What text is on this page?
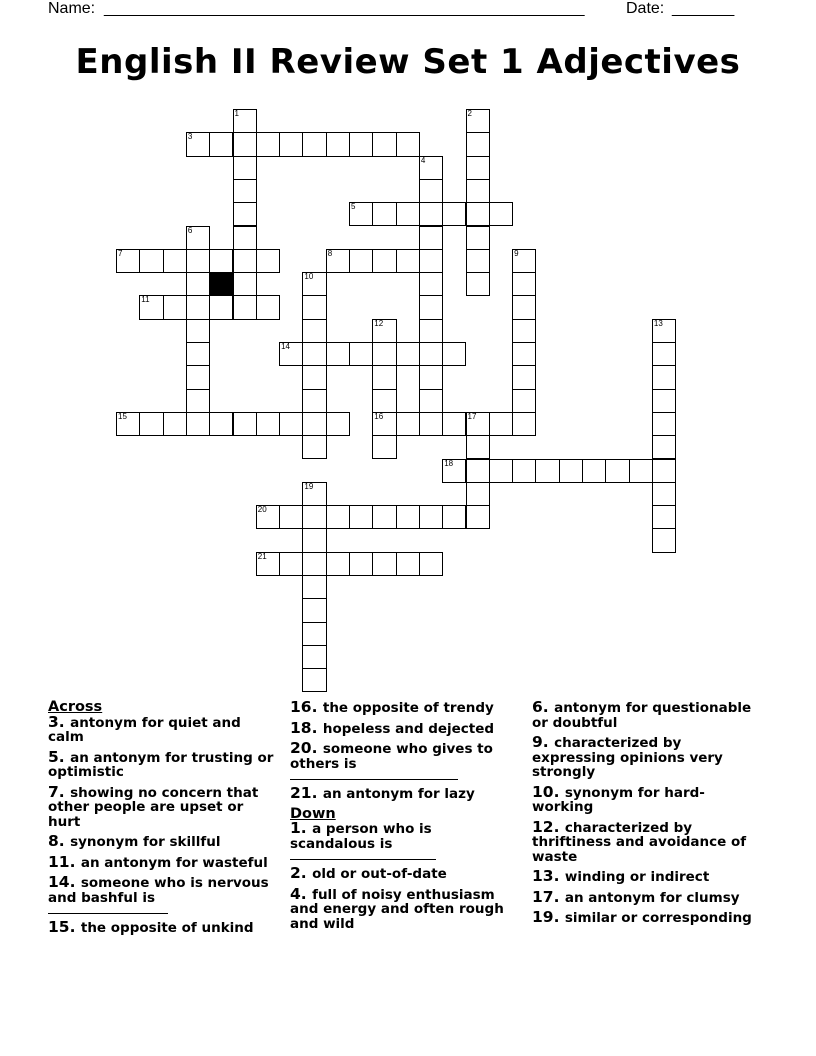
Name:

______________________________________________________

	Date:

_______

English II Review Set 1 Adjectives
1	2
3
4
5
6
7	8	9
10
11
12
16
13
14
15	17
18
19
20
21
Across
3. antonym for quiet and calm
5. an antonym for trusting or optimistic
7. showing no concern that other people are upset or hurt
8. synonym for skillful
11. an antonym for wasteful
14. someone who is nervous and bashful is
15. the opposite of unkind
16. the opposite of trendy
18. hopeless and dejected
20. someone who gives to others is
21. an antonym for lazy
Down
1. a person who is scandalous is
2. old or out-of-date
4. full of noisy enthusiasm and energy and often rough and wild
6. antonym for questionable or doubtful
9. characterized by expressing opinions very strongly
10. synonym for hard-working
12. characterized by thriftiness and avoidance of waste
13. winding or indirect
17. an antonym for clumsy
19. similar or corresponding
